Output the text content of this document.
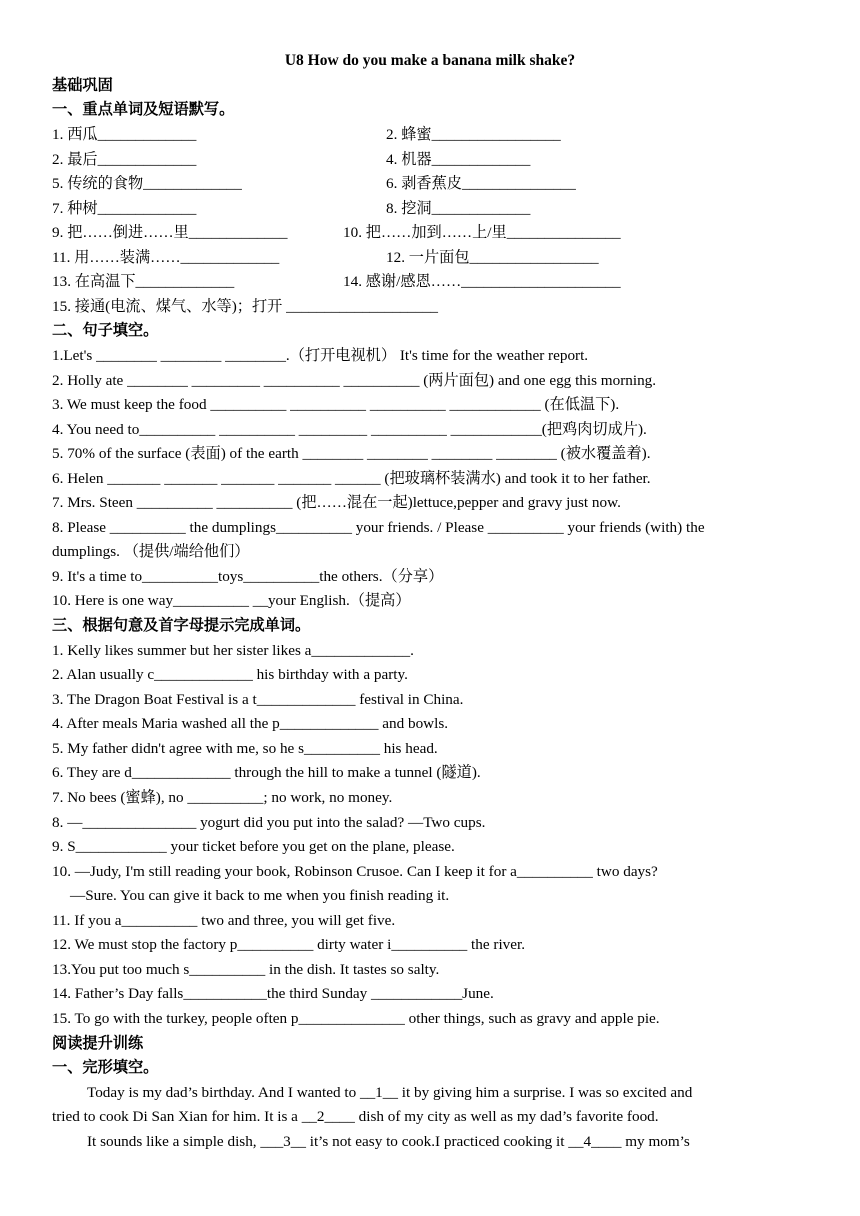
U8 How do you make a banana milk shake?
基础巩固
一、重点单词及短语默写。
1. 西瓜_____________	2. 蜂蜜_________________
2. 最后_____________	4. 机器_____________
5. 传统的食物_____________	6. 剥香蕉皮_______________
7. 种树_____________	8. 挖洞_____________
9. 把……倒进……里_____________	10. 把……加到……上/里_______________
11. 用……装满……_____________	12. 一片面包_________________
13. 在高温下_____________	14. 感谢/感恩……_____________________
15. 接通(电流、煤气、水等)；打开 ____________________
二、句子填空。
1.Let's ________ ________ ________.（打开电视机） It's time for the weather report.
2. Holly ate ________ _________ __________ __________ (两片面包) and one egg this morning.
3. We must keep the food __________ __________ __________ ____________ (在低温下).
4. You need to__________ __________ _________ __________ ____________(把鸡肉切成片).
5. 70% of the surface (表面) of the earth ________ ________ ________ ________ (被水覆盖着).
6. Helen _______ _______ _______ _______ ______ (把玻璃杯装满水) and took it to her father.
7. Mrs. Steen __________ __________ (把……混在一起)lettuce,pepper and gravy just now.
8. Please __________ the dumplings__________ your friends. / Please __________ your friends (with) the
dumplings. （提供/端给他们）
9. It's a time to__________toys__________the others.（分享）
10. Here is one way__________ __your English.（提高）
三、根据句意及首字母提示完成单词。
1. Kelly likes summer but her sister likes a_____________.
2. Alan usually c_____________ his birthday with a party.
3. The Dragon Boat Festival is a t_____________ festival in China.
4. After meals Maria washed all the p_____________ and bowls.
5. My father didn't agree with me, so he s__________ his head.
6. They are d_____________ through the hill to make a tunnel (隧道).
7. No bees (蜜蜂), no __________; no work, no money.
8. —_______________ yogurt did you put into the salad? —Two cups.
9. S____________ your ticket before you get on the plane, please.
10. —Judy, I'm still reading your book, Robinson Crusoe. Can I keep it for a__________ two days?
—Sure. You can give it back to me when you finish reading it.
11. If you a__________ two and three, you will get five.
12. We must stop the factory p__________ dirty water i__________ the river.
13.You put too much s__________ in the dish. It tastes so salty.
14. Father’s Day falls___________the third Sunday ____________June.
15. To go with the turkey, people often p______________ other things, such as gravy and apple pie.
阅读提升训练
一、完形填空。
Today is my dad’s birthday. And I wanted to __1__ it by giving him a surprise. I was so excited and
tried to cook Di San Xian for him. It is a __2____ dish of my city as well as my dad’s favorite food.
It sounds like a simple dish, ___3__ it’s not easy to cook.I practiced cooking it __4____ my mom’s
